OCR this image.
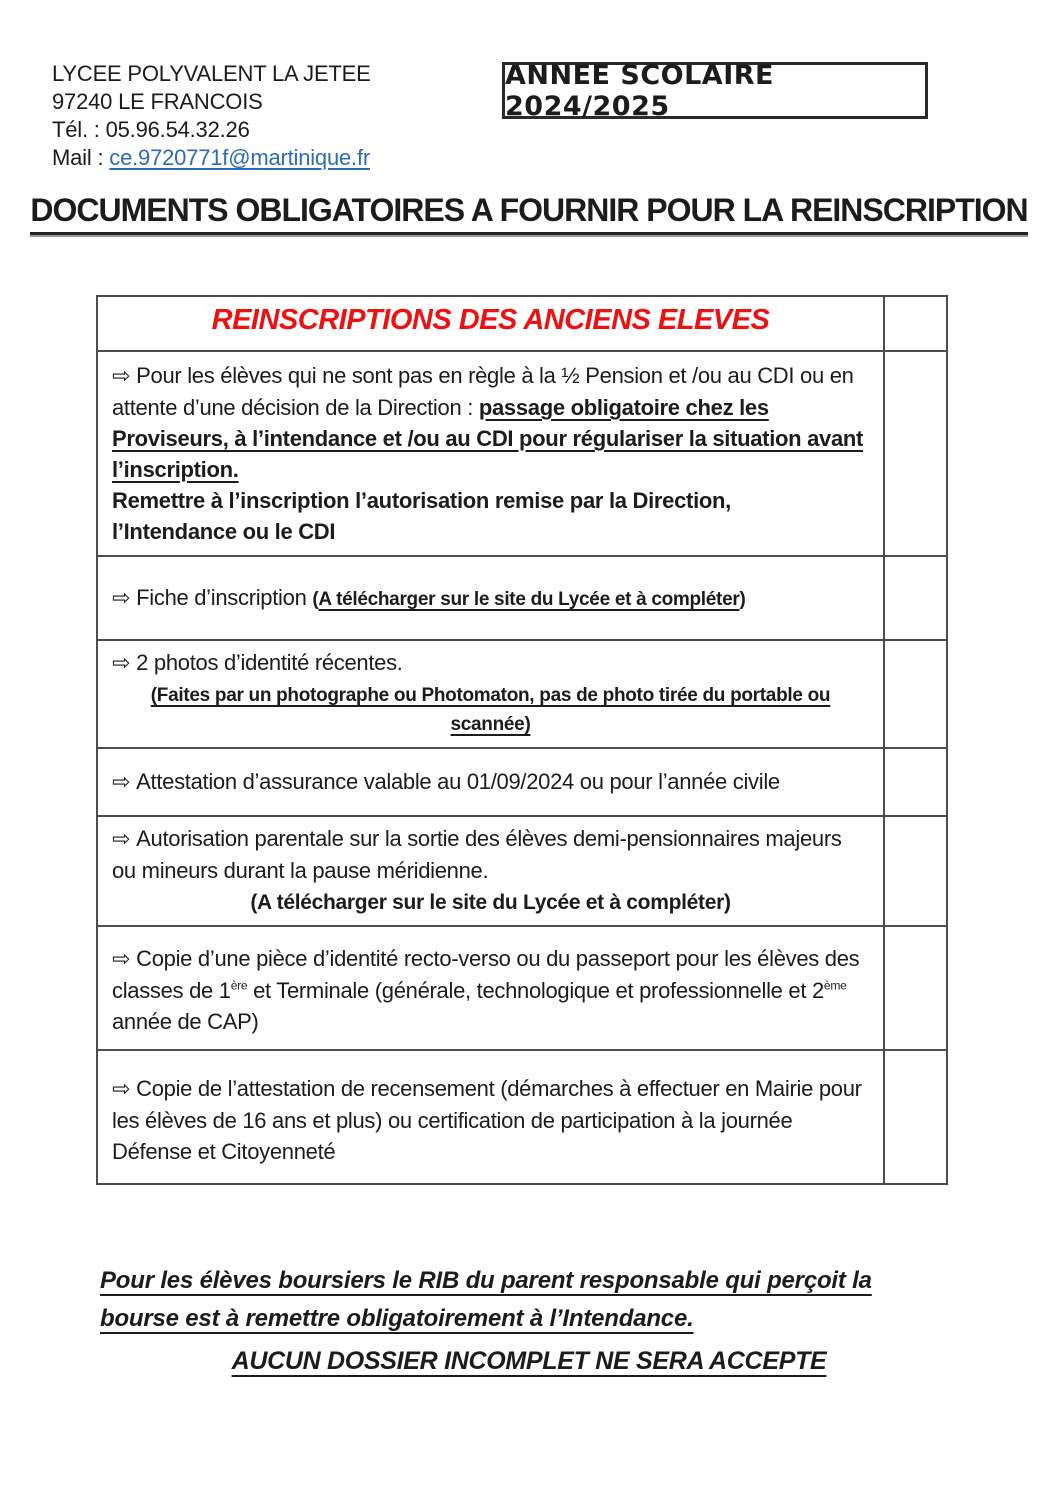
LYCEE POLYVALENT LA JETEE
97240 LE FRANCOIS
Tél. : 05.96.54.32.26
Mail : ce.9720771f@martinique.fr
ANNEE SCOLAIRE 2024/2025
DOCUMENTS OBLIGATOIRES A FOURNIR POUR LA REINSCRIPTION
REINSCRIPTIONS DES ANCIENS ELEVES	
⇨ Pour les élèves qui ne sont pas en règle à la ½ Pension et /ou au CDI ou en attente d’une décision de la Direction : passage obligatoire chez les Proviseurs, à l’intendance et /ou au CDI pour régulariser la situation avant l’inscription.
Remettre à l’inscription l’autorisation remise par la Direction,
l’Intendance ou le CDI	

⇨ Fiche d’inscription (A télécharger sur le site du Lycée et à compléter)	
⇨ 2 photos d’identité récentes.
(Faites par un photographe ou Photomaton, pas de photo tirée du portable ou scannée)	

⇨ Attestation d’assurance valable au 01/09/2024 ou pour l’année civile	
⇨ Autorisation parentale sur la sortie des élèves demi-pensionnaires majeurs ou mineurs durant la pause méridienne.
(A télécharger sur le site du Lycée et à compléter)	

⇨ Copie d’une pièce d’identité recto-verso ou du passeport pour les élèves des classes de 1ère et Terminale (générale, technologique et professionnelle et 2ème année de CAP)	
⇨ Copie de l’attestation de recensement (démarches à effectuer en Mairie pour les élèves de 16 ans et plus) ou certification de participation à la journée Défense et Citoyenneté	
Pour les élèves boursiers le RIB du parent responsable qui perçoit la bourse est à remettre obligatoirement à l’Intendance.
AUCUN DOSSIER INCOMPLET NE SERA ACCEPTE
